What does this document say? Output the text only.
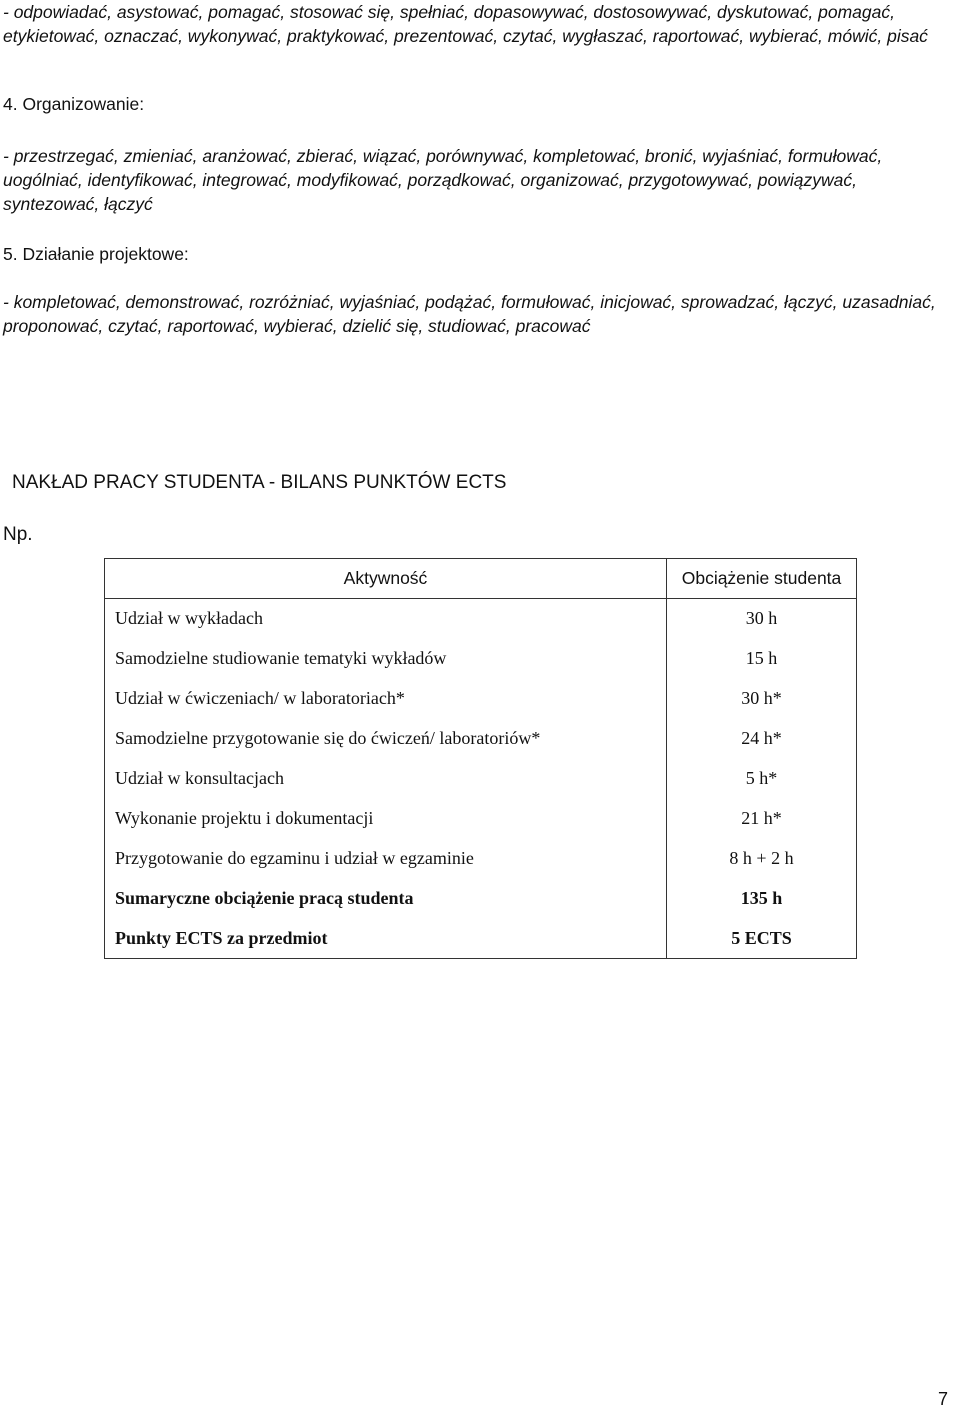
- odpowiadać, asystować, pomagać, stosować się, spełniać, dopasowywać, dostosowywać, dyskutować, pomagać, etykietować, oznaczać, wykonywać, praktykować, prezentować, czytać, wygłaszać, raportować, wybierać, mówić, pisać

4. Organizowanie:

- przestrzegać, zmieniać, aranżować, zbierać, wiązać, porównywać, kompletować, bronić, wyjaśniać, formułować, uogólniać, identyfikować, integrować, modyfikować, porządkować, organizować, przygotowywać, powiązywać, syntezować, łączyć

5. Działanie projektowe:

- kompletować, demonstrować, rozróżniać, wyjaśniać, podążać, formułować, inicjować, sprowadzać, łączyć, uzasadniać, proponować, czytać, raportować, wybierać, dzielić się, studiować, pracować

NAKŁAD PRACY STUDENTA - BILANS PUNKTÓW ECTS

Np.

Aktywność	Obciążenie studenta
Udział w wykładach	30 h
Samodzielne studiowanie tematyki wykładów	15 h
Udział w ćwiczeniach/ w laboratoriach*	30 h*
Samodzielne przygotowanie się do ćwiczeń/ laboratoriów*	24 h*
Udział w konsultacjach	5 h*
Wykonanie projektu i dokumentacji	21 h*
Przygotowanie do egzaminu i udział w egzaminie	8 h + 2 h
Sumaryczne obciążenie pracą studenta	135 h
Punkty ECTS za przedmiot	5 ECTS

7
